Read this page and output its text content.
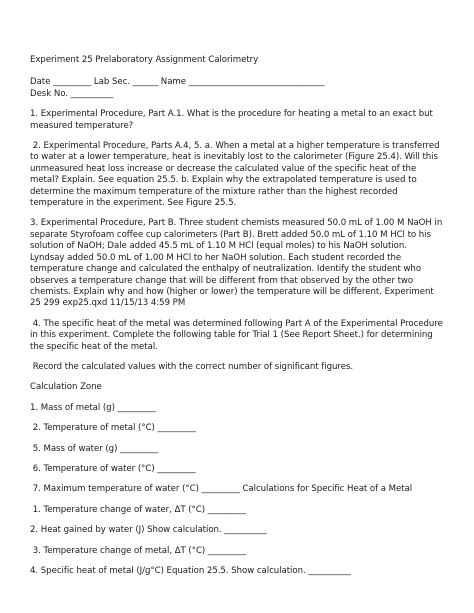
Experiment 25 Prelaboratory Assignment Calorimetry

Date _________ Lab Sec. ______ Name ________________________________

Desk No. __________

1. Experimental Procedure, Part A.1. What is the procedure for heating a metal to an exact but measured temperature?

2. Experimental Procedure, Parts A.4, 5. a. When a metal at a higher temperature is transferred to water at a lower temperature, heat is inevitably lost to the calorimeter (Figure 25.4). Will this unmeasured heat loss increase or decrease the calculated value of the specific heat of the metal? Explain. See equation 25.5. b. Explain why the extrapolated temperature is used to determine the maximum temperature of the mixture rather than the highest recorded temperature in the experiment. See Figure 25.5.

3. Experimental Procedure, Part B. Three student chemists measured 50.0 mL of 1.00 M NaOH in separate Styrofoam coffee cup calorimeters (Part B). Brett added 50.0 mL of 1.10 M HCl to his solution of NaOH; Dale added 45.5 mL of 1.10 M HCl (equal moles) to his NaOH solution. Lyndsay added 50.0 mL of 1.00 M HCl to her NaOH solution. Each student recorded the temperature change and calculated the enthalpy of neutralization. Identify the student who observes a temperature change that will be different from that observed by the other two chemists. Explain why and how (higher or lower) the temperature will be different. Experiment 25 299 exp25.qxd 11/15/13 4:59 PM

4. The specific heat of the metal was determined following Part A of the Experimental Procedure in this experiment. Complete the following table for Trial 1 (See Report Sheet.) for determining the specific heat of the metal.

Record the calculated values with the correct number of significant figures.

Calculation Zone

1. Mass of metal (g) _________

2. Temperature of metal (°C) _________

5. Mass of water (g) _________

6. Temperature of water (°C) _________

7. Maximum temperature of water (°C) _________ Calculations for Specific Heat of a Metal

1. Temperature change of water, ΔT (°C) _________

2. Heat gained by water (J) Show calculation. __________

3. Temperature change of metal, ΔT (°C) _________

4. Specific heat of metal (J/g°C) Equation 25.5. Show calculation. __________
